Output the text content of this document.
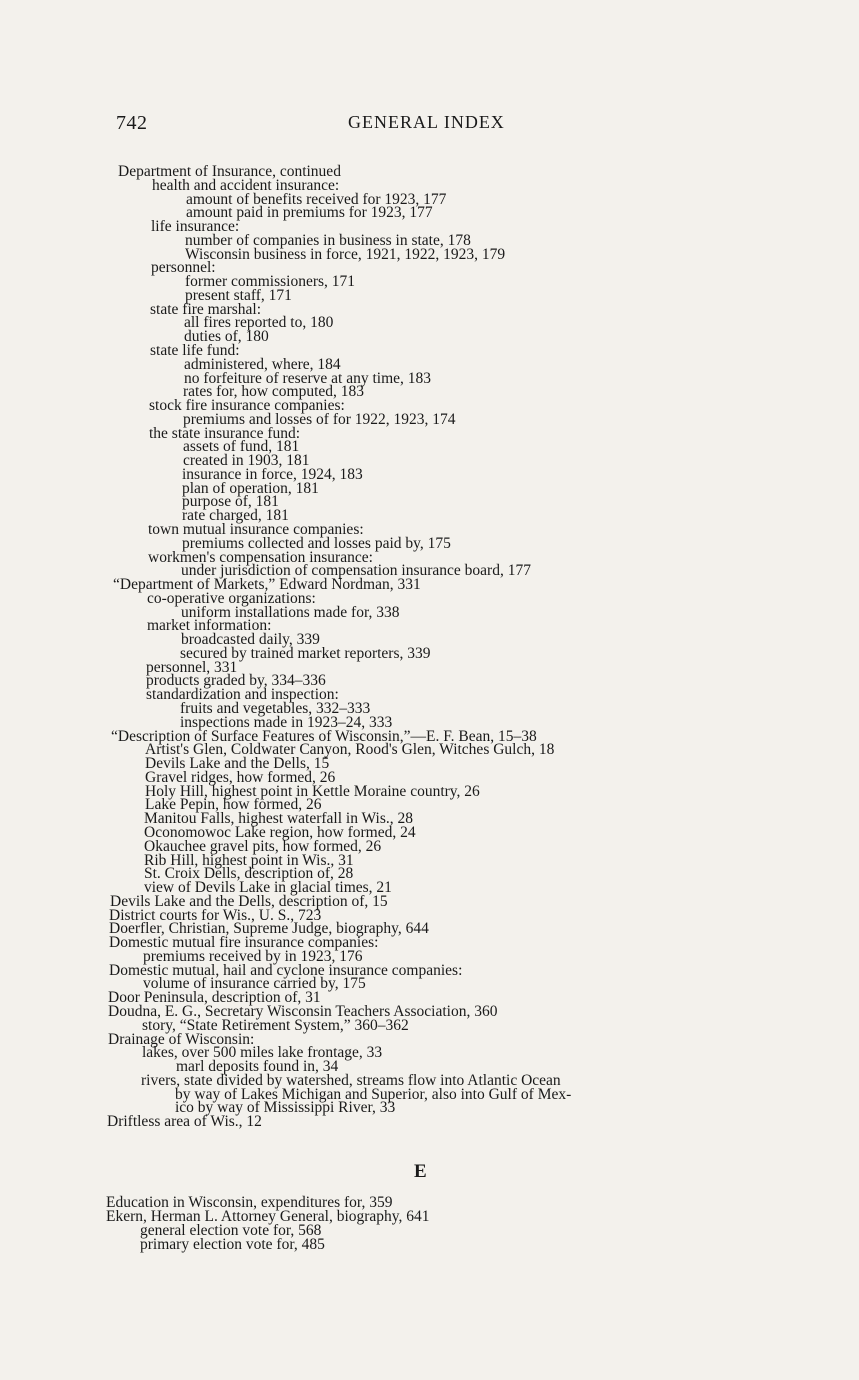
742	GENERAL INDEX
Department of Insurance, continued
health and accident insurance:
amount of benefits received for 1923, 177
amount paid in premiums for 1923, 177
life insurance:
number of companies in business in state, 178
Wisconsin business in force, 1921, 1922, 1923, 179
personnel:
former commissioners, 171
present staff, 171
state fire marshal:
all fires reported to, 180
duties of, 180
state life fund:
administered, where, 184
no forfeiture of reserve at any time, 183
rates for, how computed, 183
stock fire insurance companies:
premiums and losses of for 1922, 1923, 174
the state insurance fund:
assets of fund, 181
created in 1903, 181
insurance in force, 1924, 183
plan of operation, 181
purpose of, 181
rate charged, 181
town mutual insurance companies:
premiums collected and losses paid by, 175
workmen's compensation insurance:
under jurisdiction of compensation insurance board, 177
“Department of Markets,” Edward Nordman, 331
co-operative organizations:
uniform installations made for, 338
market information:
broadcasted daily, 339
secured by trained market reporters, 339
personnel, 331
products graded by, 334–336
standardization and inspection:
fruits and vegetables, 332–333
inspections made in 1923–24, 333
“Description of Surface Features of Wisconsin,”—E. F. Bean, 15–38
Artist's Glen, Coldwater Canyon, Rood's Glen, Witches Gulch, 18
Devils Lake and the Dells, 15
Gravel ridges, how formed, 26
Holy Hill, highest point in Kettle Moraine country, 26
Lake Pepin, how formed, 26
Manitou Falls, highest waterfall in Wis., 28
Oconomowoc Lake region, how formed, 24
Okauchee gravel pits, how formed, 26
Rib Hill, highest point in Wis., 31
St. Croix Dells, description of, 28
view of Devils Lake in glacial times, 21
Devils Lake and the Dells, description of, 15
District courts for Wis., U. S., 723
Doerfler, Christian, Supreme Judge, biography, 644
Domestic mutual fire insurance companies:
premiums received by in 1923, 176
Domestic mutual, hail and cyclone insurance companies:
volume of insurance carried by, 175
Door Peninsula, description of, 31
Doudna, E. G., Secretary Wisconsin Teachers Association, 360
story, “State Retirement System,” 360–362
Drainage of Wisconsin:
lakes, over 500 miles lake frontage, 33
marl deposits found in, 34
rivers, state divided by watershed, streams flow into Atlantic Ocean
by way of Lakes Michigan and Superior, also into Gulf of Mex-
ico by way of Mississippi River, 33
Driftless area of Wis., 12
E
Education in Wisconsin, expenditures for, 359
Ekern, Herman L. Attorney General, biography, 641
general election vote for, 568
primary election vote for, 485
